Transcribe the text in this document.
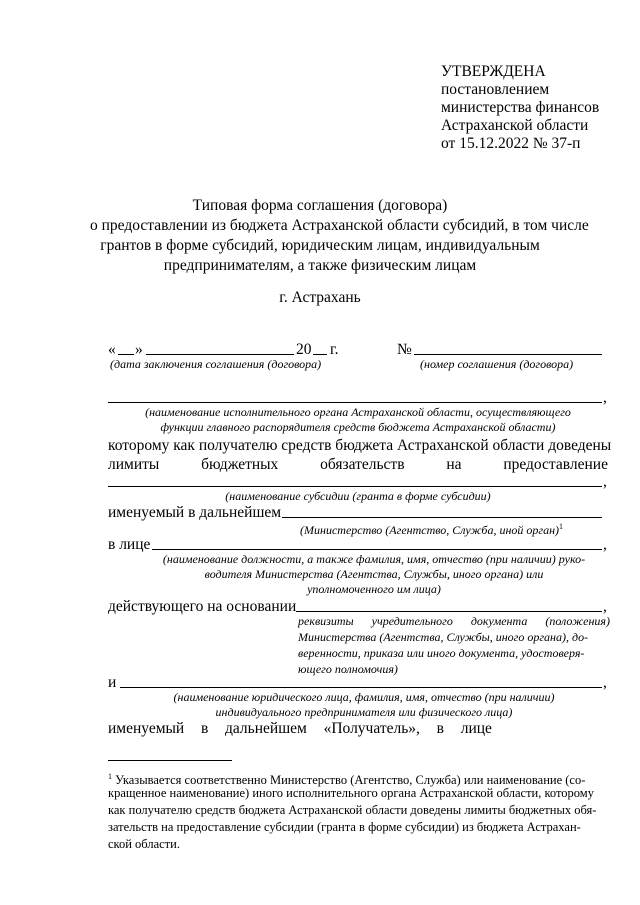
УТВЕРЖДЕНА
постановлением
министерства финансов
Астраханской области
от 15.12.2022 № 37-п
Типовая форма соглашения (договора)
о предоставлении из бюджета Астраханской области субсидий, в том числе
грантов в форме субсидий, юридическим лицам, индивидуальным
предпринимателям, а также физическим лицам
г. Астрахань
« »	20 г.	№
(дата заключения соглашения (договора)	(номер соглашения (договора)
,
(наименование исполнительного органа Астраханской области, осуществляющего
функции главного распорядителя средств бюджета Астраханской области)
которому как получателю средств бюджета Астраханской области доведены
лимиты	бюджетных	обязательств	на	предоставление
,
(наименование субсидии (гранта в форме субсидии)
именуемый в дальнейшем
(Министерство (Агентство, Служба, иной орган)$^1$
в лице	,
(наименование должности, а также фамилия, имя, отчество (при наличии) руко-
водителя Министерства (Агентства, Службы, иного органа) или
уполномоченного им лица)
действующего на основании	,
реквизиты учредительного документа (положения)
Министерства (Агентства, Службы, иного органа), до-
веренности, приказа или иного документа, удостоверя-
ющего полномочия)
и	,
(наименование юридического лица, фамилия, имя, отчество (при наличии)
индивидуального предпринимателя или физического лица)
именуемый в дальнейшем «Получатель», в лице
$^1$ Указывается соответственно Министерство (Агентство, Служба) или наименование (со-
кращенное наименование) иного исполнительного органа Астраханской области, которому
как получателю средств бюджета Астраханской области доведены лимиты бюджетных обя-
зательств на предоставление субсидии (гранта в форме субсидии) из бюджета Астрахан-
ской области.
